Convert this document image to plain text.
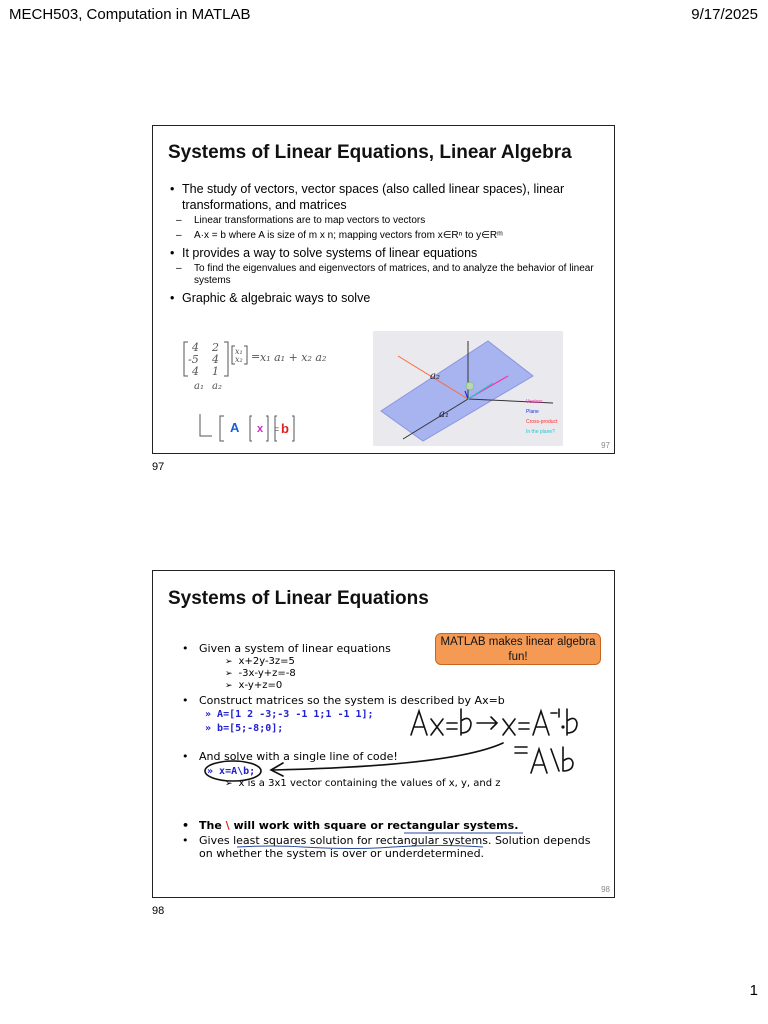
MECH503, Computation in MATLAB	9/17/2025
Systems of Linear Equations, Linear Algebra
• The study of vectors, vector spaces (also called linear spaces), linear transformations, and matrices
– Linear transformations are to map vectors to vectors
– A·x = b where A is size of m x n; mapping vectors from x∈Rⁿ to y∈Rᵐ
• It provides a way to solve systems of linear equations
– To find the eigenvalues and eigenvectors of matrices, and to analyze the behavior of linear systems
• Graphic & algebraic ways to solve
4 2
-5 4
4 1
x₁
x₂ = x₁ a₁ + x₂ a₂
a₁ a₂
A x = b
a₂
a₁
Vectors
Plane
Cross-product
In the plane?
97
97
Systems of Linear Equations
• Given a system of linear equations
➢ x+2y-3z=5
➢ -3x-y+z=-8
➢ x-y+z=0
• Construct matrices so the system is described by Ax=b
» A=[1 2 -3;-3 -1 1;1 -1 1];
» b=[5;-8;0];
• And solve with a single line of code!
» x=A\b;
➢ x is a 3x1 vector containing the values of x, y, and z
• The \ will work with square or rectangular systems.
• Gives least squares solution for rectangular systems. Solution depends on whether the system is over or underdetermined.
MATLAB makes linear algebra fun!
98
98
1
